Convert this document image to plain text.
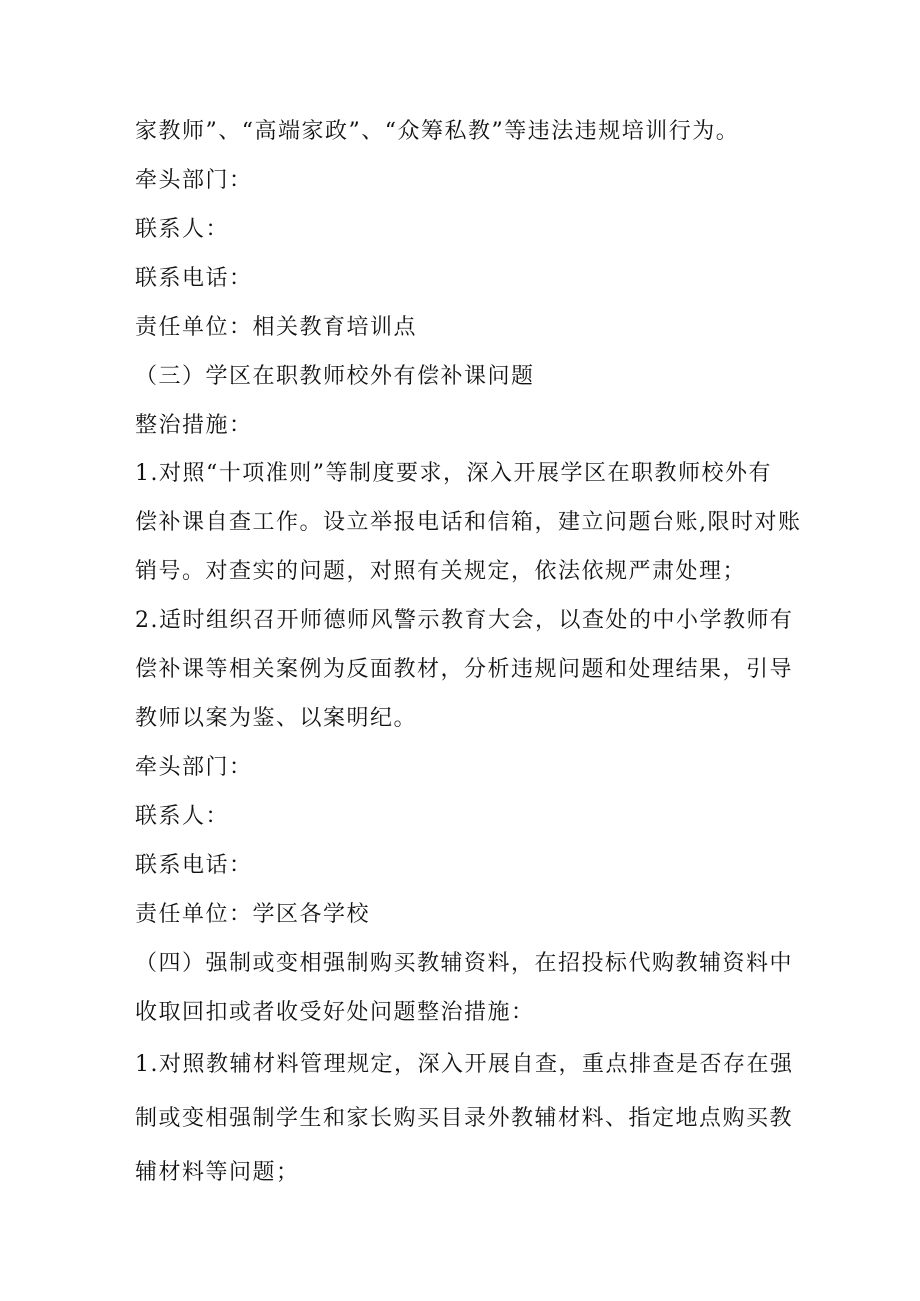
家教师”、“高端家政”、“众筹私教”等违法违规培训行为。
牵头部门：
联系人：
联系电话：
责任单位：相关教育培训点
（三）学区在职教师校外有偿补课问题
整治措施：
1.对照“十项准则”等制度要求，深入开展学区在职教师校外有
偿补课自查工作。设立举报电话和信箱，建立问题台账,限时对账
销号。对查实的问题，对照有关规定，依法依规严肃处理；
2.适时组织召开师德师风警示教育大会，以查处的中小学教师有
偿补课等相关案例为反面教材，分析违规问题和处理结果，引导
教师以案为鉴、以案明纪。
牵头部门：
联系人：
联系电话：
责任单位：学区各学校
（四）强制或变相强制购买教辅资料，在招投标代购教辅资料中
收取回扣或者收受好处问题整治措施：
1.对照教辅材料管理规定，深入开展自查，重点排查是否存在强
制或变相强制学生和家长购买目录外教辅材料、指定地点购买教
辅材料等问题；
